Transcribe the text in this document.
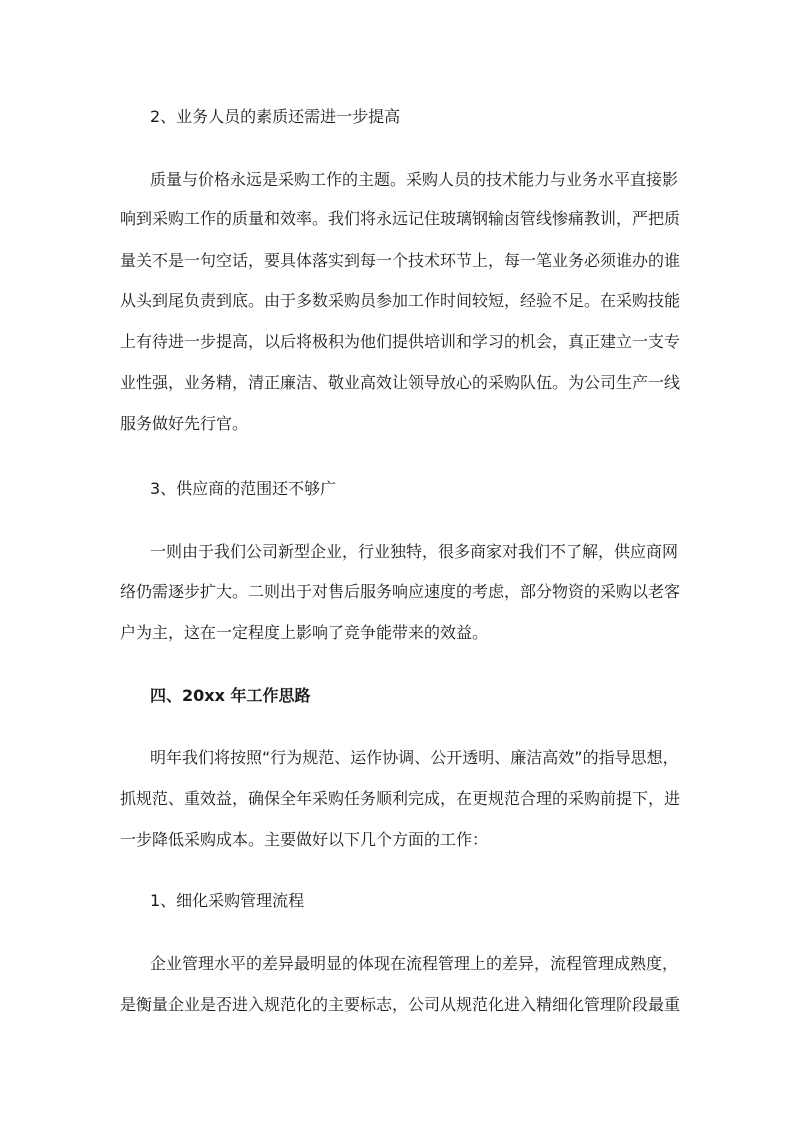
2、业务人员的素质还需进一步提高
质量与价格永远是采购工作的主题。采购人员的技术能力与业务水平直接影
响到采购工作的质量和效率。我们将永远记住玻璃钢输卤管线惨痛教训，严把质
量关不是一句空话，要具体落实到每一个技术环节上，每一笔业务必须谁办的谁
从头到尾负责到底。由于多数采购员参加工作时间较短，经验不足。在采购技能
上有待进一步提高，以后将极积为他们提供培训和学习的机会，真正建立一支专
业性强，业务精，清正廉洁、敬业高效让领导放心的采购队伍。为公司生产一线
服务做好先行官。
3、供应商的范围还不够广
一则由于我们公司新型企业，行业独特，很多商家对我们不了解，供应商网
络仍需逐步扩大。二则出于对售后服务响应速度的考虑，部分物资的采购以老客
户为主，这在一定程度上影响了竞争能带来的效益。
四、20xx 年工作思路
明年我们将按照“行为规范、运作协调、公开透明、廉洁高效”的指导思想，
抓规范、重效益，确保全年采购任务顺利完成，在更规范合理的采购前提下，进
一步降低采购成本。主要做好以下几个方面的工作：
1、细化采购管理流程
企业管理水平的差异最明显的体现在流程管理上的差异，流程管理成熟度，
是衡量企业是否进入规范化的主要标志，公司从规范化进入精细化管理阶段最重
